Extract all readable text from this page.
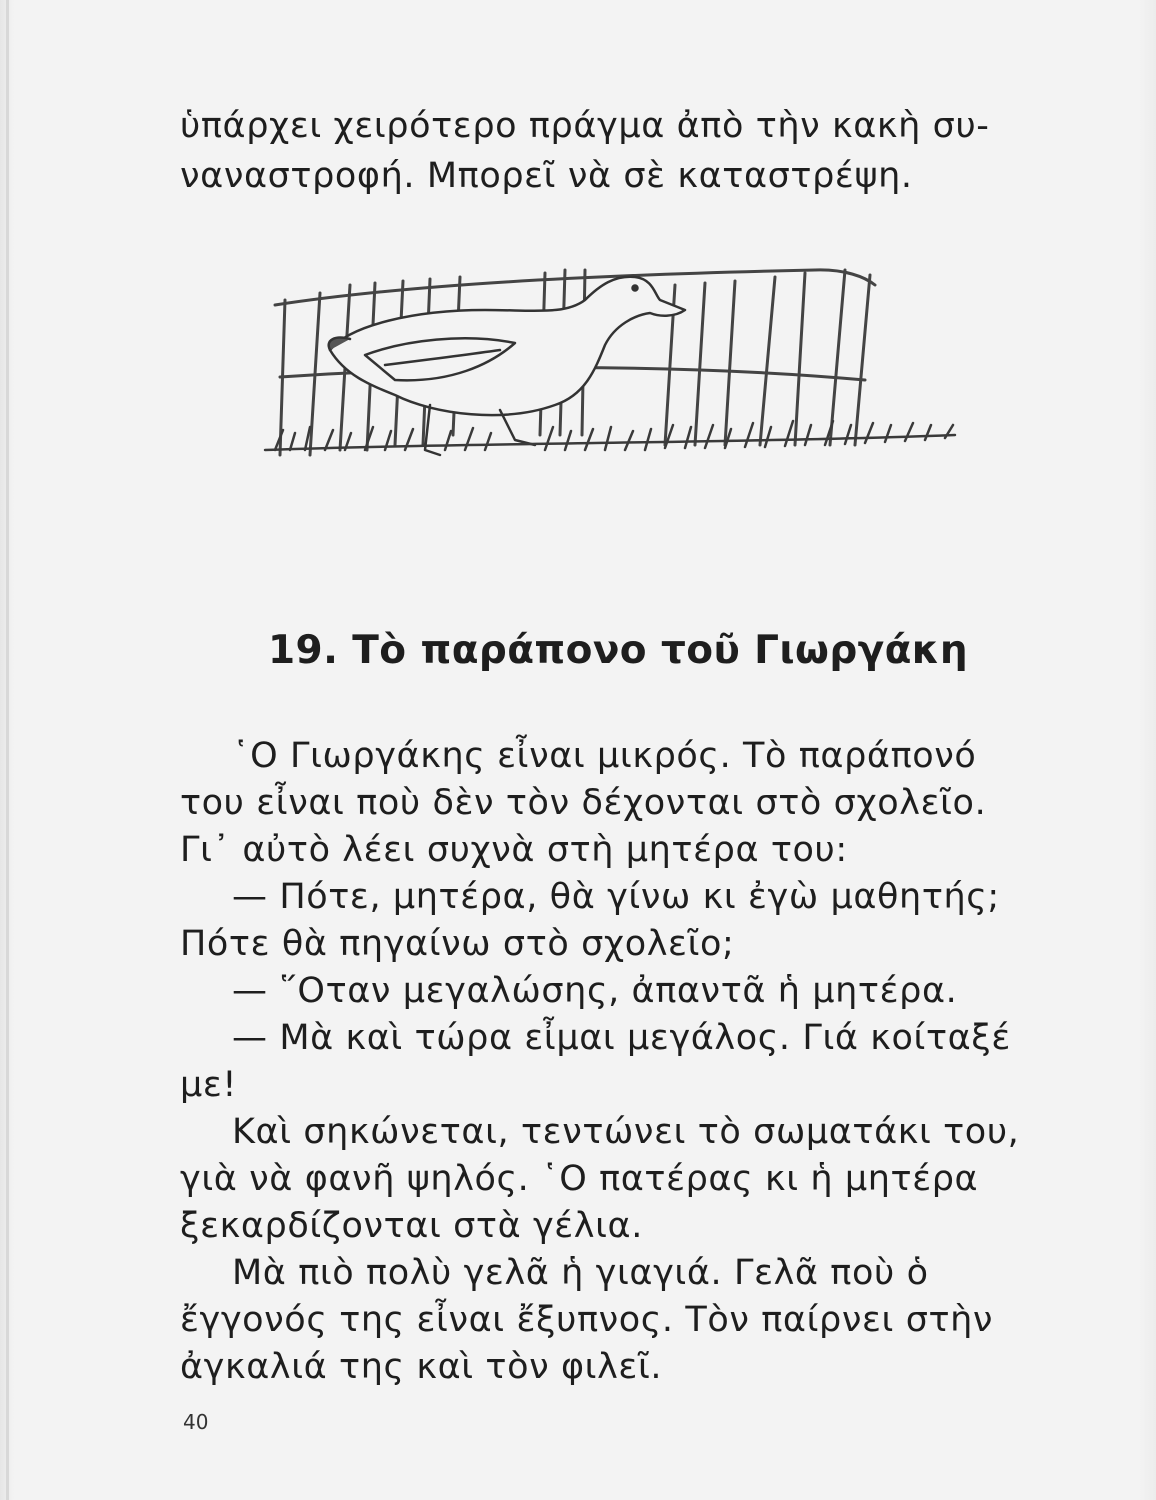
ὑπάρχει χειρότερο πράγμα ἀπὸ τὴν κακὴ συ-
ναναστροφή. Μπορεῖ νὰ σὲ καταστρέψη.
19. Τὸ παράπονο τοῦ Γιωργάκη
῾Ο Γιωργάκης εἶναι μικρός. Τὸ παράπονό
του εἶναι ποὺ δὲν τὸν δέχονται στὸ σχολεῖο.
Γι᾽ αὐτὸ λέει συχνὰ στὴ μητέρα του:
— Πότε, μητέρα, θὰ γίνω κι ἐγὼ μαθητής;
Πότε θὰ πηγαίνω στὸ σχολεῖο;
— ῞Οταν μεγαλώσης, ἀπαντᾶ ἡ μητέρα.
— Μὰ καὶ τώρα εἶμαι μεγάλος. Γιά κοίταξέ
με!
Καὶ σηκώνεται, τεντώνει τὸ σωματάκι του,
γιὰ νὰ φανῆ ψηλός. ῾Ο πατέρας κι ἡ μητέρα
ξεκαρδίζονται στὰ γέλια.
Μὰ πιὸ πολὺ γελᾶ ἡ γιαγιά. Γελᾶ ποὺ ὁ
ἔγγονός της εἶναι ἔξυπνος. Τὸν παίρνει στὴν
ἀγκαλιά της καὶ τὸν φιλεῖ.
40
